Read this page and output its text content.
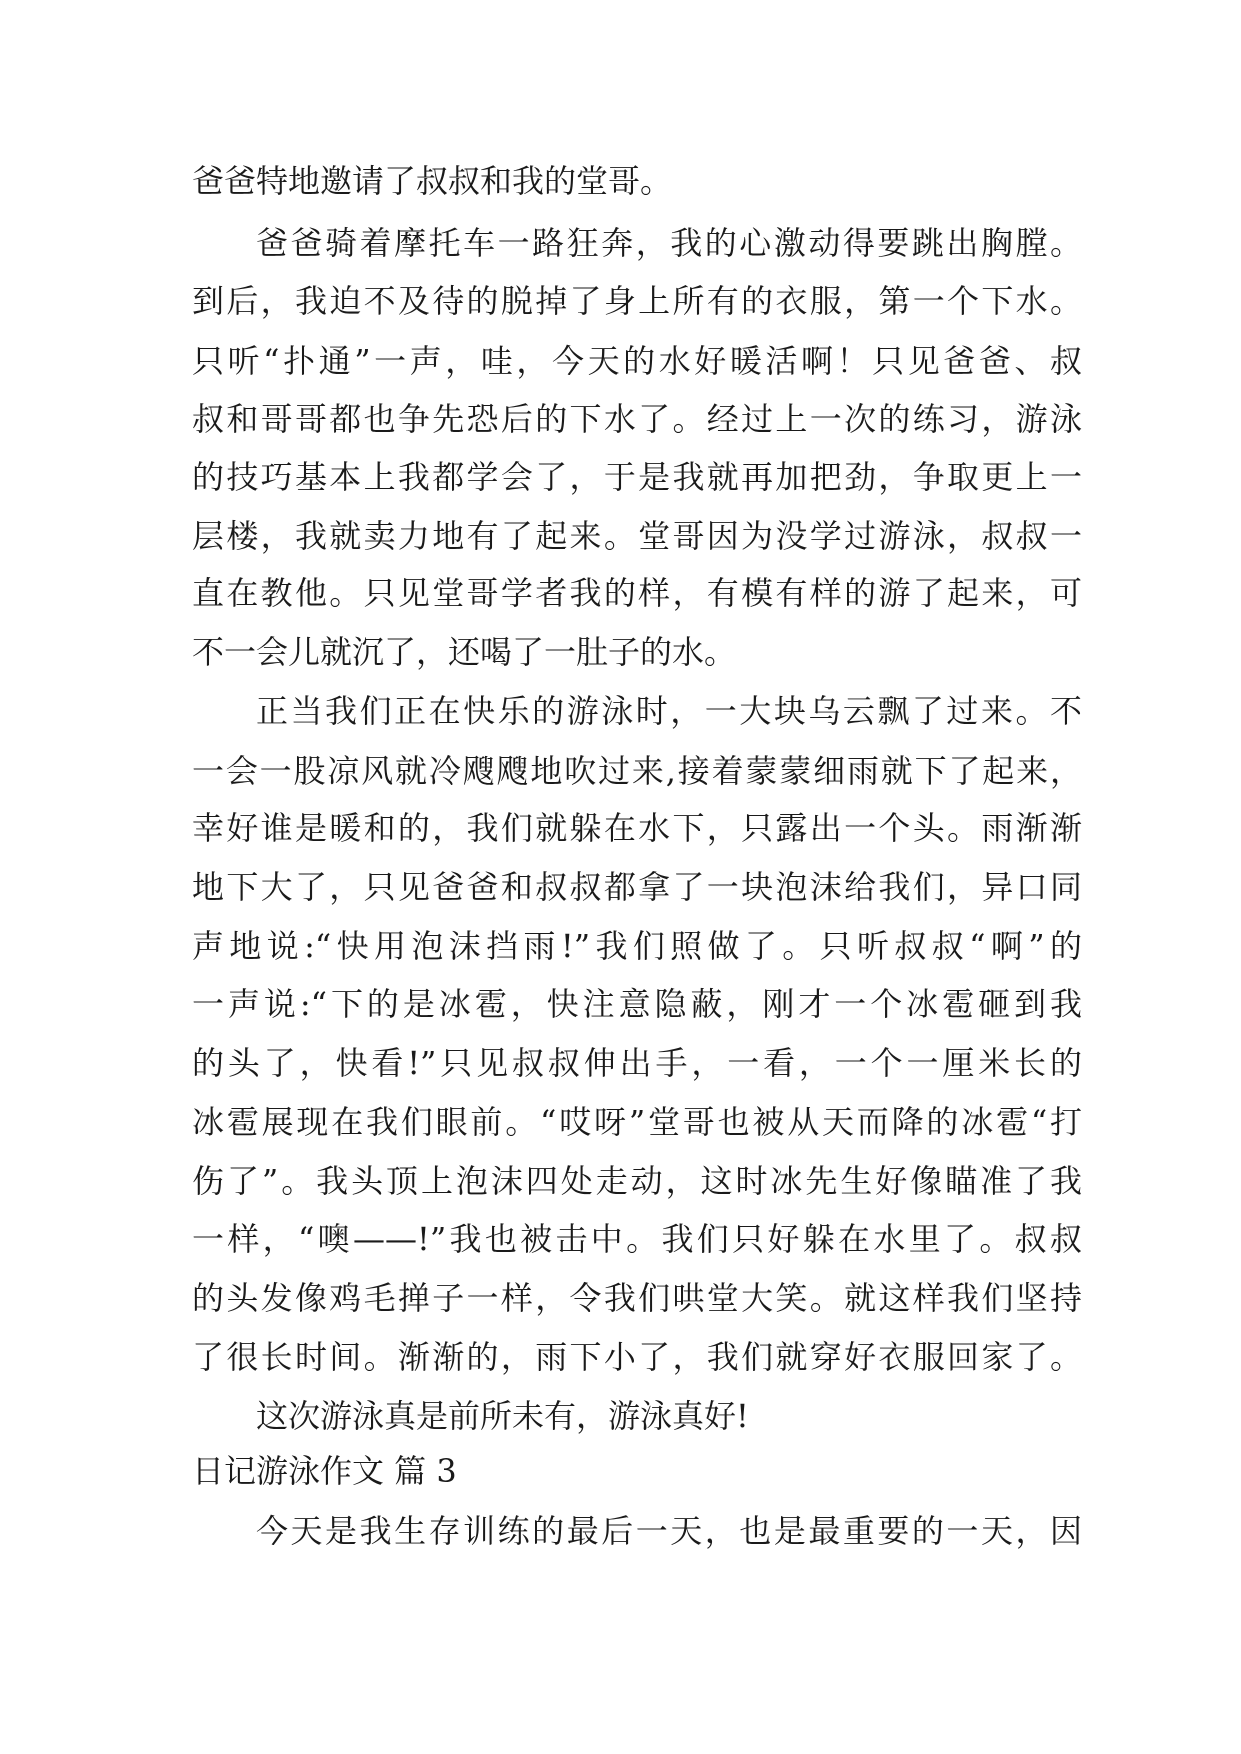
爸爸特地邀请了叔叔和我的堂哥。
爸爸骑着摩托车一路狂奔，我的心激动得要跳出胸膛。
到后，我迫不及待的脱掉了身上所有的衣服，第一个下水。
只听“扑通”一声，哇，今天的水好暖活啊！只见爸爸、叔
叔和哥哥都也争先恐后的下水了。经过上一次的练习，游泳
的技巧基本上我都学会了，于是我就再加把劲，争取更上一
层楼，我就卖力地有了起来。堂哥因为没学过游泳，叔叔一
直在教他。只见堂哥学者我的样，有模有样的游了起来，可
不一会儿就沉了，还喝了一肚子的水。
正当我们正在快乐的游泳时，一大块乌云飘了过来。不
一会一股凉风就冷飕飕地吹过来,接着蒙蒙细雨就下了起来，
幸好谁是暖和的，我们就躲在水下，只露出一个头。雨渐渐
地下大了，只见爸爸和叔叔都拿了一块泡沫给我们，异口同
声地说:“快用泡沫挡雨!”我们照做了。只听叔叔“啊”的
一声说:“下的是冰雹，快注意隐蔽，刚才一个冰雹砸到我
的头了，快看!”只见叔叔伸出手，一看，一个一厘米长的
冰雹展现在我们眼前。“哎呀”堂哥也被从天而降的冰雹“打
伤了”。我头顶上泡沫四处走动，这时冰先生好像瞄准了我
一样，“噢——!”我也被击中。我们只好躲在水里了。叔叔
的头发像鸡毛掸子一样，令我们哄堂大笑。就这样我们坚持
了很长时间。渐渐的，雨下小了，我们就穿好衣服回家了。
这次游泳真是前所未有，游泳真好!
日记游泳作文 篇 3
今天是我生存训练的最后一天，也是最重要的一天，因
